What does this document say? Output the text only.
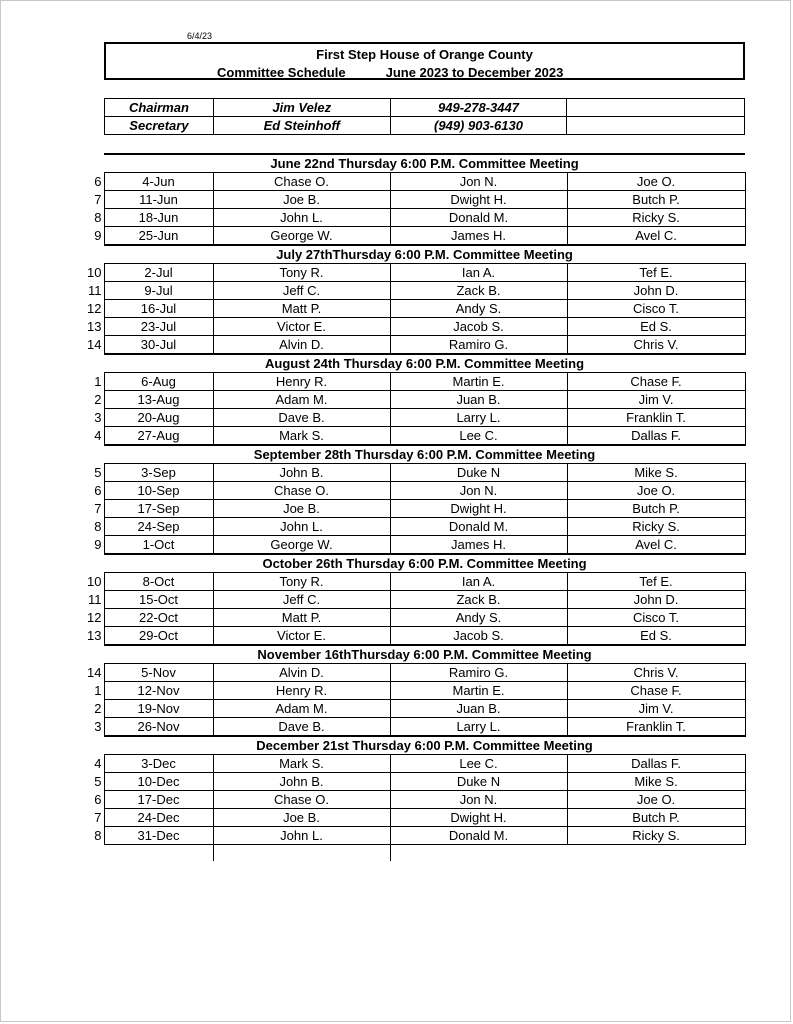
6/4/23
First Step House of Orange County
Committee Schedule	June 2023 to December 2023
Chairman	Jim Velez	949-278-3447	
Secretary	Ed Steinhoff	(949) 903-6130	
	June 22nd Thursday 6:00 P.M. Committee Meeting			
6	4-Jun	Chase O.	Jon N.	Joe O.
7	11-Jun	Joe B.	Dwight H.	Butch P.
8	18-Jun	John L.	Donald M.	Ricky S.
9	25-Jun	George W.	James H.	Avel C.
	July 27thThursday 6:00 P.M. Committee Meeting			
10	2-Jul	Tony R.	Ian A.	Tef E.
11	9-Jul	Jeff C.	Zack B.	John D.
12	16-Jul	Matt P.	Andy S.	Cisco T.
13	23-Jul	Victor E.	Jacob S.	Ed S.
14	30-Jul	Alvin D.	Ramiro G.	Chris V.
	August 24th Thursday 6:00 P.M. Committee Meeting			
1	6-Aug	Henry R.	Martin E.	Chase F.
2	13-Aug	Adam M.	Juan B.	Jim V.
3	20-Aug	Dave B.	Larry L.	Franklin T.
4	27-Aug	Mark S.	Lee C.	Dallas F.
	September 28th Thursday 6:00 P.M. Committee Meeting			
5	3-Sep	John B.	Duke N	Mike S.
6	10-Sep	Chase O.	Jon N.	Joe O.
7	17-Sep	Joe B.	Dwight H.	Butch P.
8	24-Sep	John L.	Donald M.	Ricky S.
9	1-Oct	George W.	James H.	Avel C.
	October 26th Thursday 6:00 P.M. Committee Meeting			
10	8-Oct	Tony R.	Ian A.	Tef E.
11	15-Oct	Jeff C.	Zack B.	John D.
12	22-Oct	Matt P.	Andy S.	Cisco T.
13	29-Oct	Victor E.	Jacob S.	Ed S.
	November 16thThursday 6:00 P.M. Committee Meeting			
14	5-Nov	Alvin D.	Ramiro G.	Chris V.
1	12-Nov	Henry R.	Martin E.	Chase F.
2	19-Nov	Adam M.	Juan B.	Jim V.
3	26-Nov	Dave B.	Larry L.	Franklin T.
	December 21st Thursday 6:00 P.M. Committee Meeting			
4	3-Dec	Mark S.	Lee C.	Dallas F.
5	10-Dec	John B.	Duke N	Mike S.
6	17-Dec	Chase O.	Jon N.	Joe O.
7	24-Dec	Joe B.	Dwight H.	Butch P.
8	31-Dec	John L.	Donald M.	Ricky S.
